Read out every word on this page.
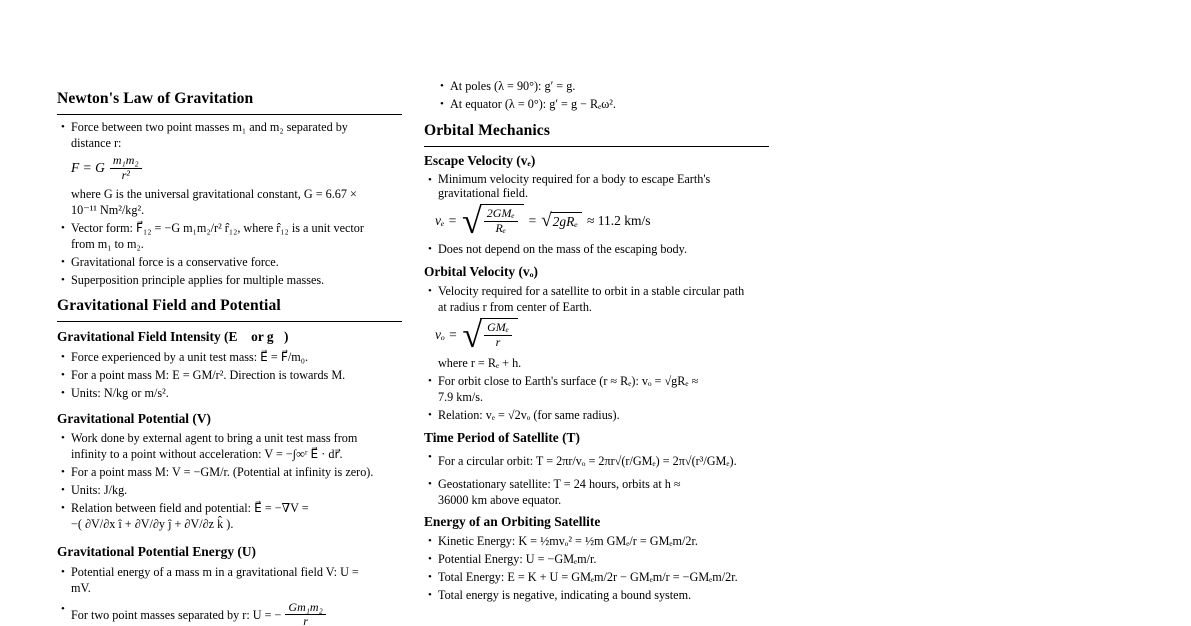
Newton's Law of Gravitation
• Force between two point masses m₁ and m₂ separated by
distance r:
F = G $\frac{\text{m₁m₂}}{\text{r²}}$
where G is the universal gravitational constant, G = 6.67 ×
10⁻¹¹ Nm²/kg².
• Vector form: F⃗₁₂ = −G m₁m₂/r² r̂₁₂, where r̂₁₂ is a unit vector
from m₁ to m₂.
• Gravitational force is a conservative force.
• Superposition principle applies for multiple masses.
Gravitational Field and Potential
Gravitational Field Intensity (E⃗ or g⃗)
• Force experienced by a unit test mass: E⃗ = F⃗/m₀.
• For a point mass M: E = GM/r². Direction is towards M.
• Units: N/kg or m/s².
Gravitational Potential (V)
• Work done by external agent to bring a unit test mass from
infinity to a point without acceleration: V = −∫∞ʳ E⃗ · dr⃗.
• For a point mass M: V = −GM/r. (Potential at infinity is zero).
• Units: J/kg.
• Relation between field and potential: E⃗ = −∇V =
−( ∂V/∂x î + ∂V/∂y ĵ + ∂V/∂z k̂ ).
Gravitational Potential Energy (U)
• Potential energy of a mass m in a gravitational field V: U =
mV.
• For two point masses separated by r: U = − $\frac{\text{Gm₁m₂}}{r}$
• At poles (λ = 90°): g′ = g.
• At equator (λ = 0°): g′ = g − Rₑω².
Orbital Mechanics
Escape Velocity (vₑ)
• Minimum velocity required for a body to escape Earth's
gravitational field.
vₑ = √ $\frac{\text{2GMₑ}}{\text{Rₑ}}$ = √ 2gRₑ ≈ 11.2 km/s
• Does not depend on the mass of the escaping body.
Orbital Velocity (vₒ)
• Velocity required for a satellite to orbit in a stable circular path
at radius r from center of Earth.
vₒ = √ $\frac{\text{GMₑ}}{r}$
where r = Rₑ + h.
• For orbit close to Earth's surface (r ≈ Rₑ): vₒ = √gRₑ ≈
7.9 km/s.
• Relation: vₑ = √2vₒ (for same radius).
Time Period of Satellite (T)
• For a circular orbit: T = 2πr/vₒ = 2πr√(r/GMₑ) = 2π√(r³/GMₑ).
• Geostationary satellite: T = 24 hours, orbits at h ≈
36000 km above equator.
Energy of an Orbiting Satellite
• Kinetic Energy: K = ½mvₒ² = ½m GMₑ/r = GMₑm/2r.
• Potential Energy: U = −GMₑm/r.
• Total Energy: E = K + U = GMₑm/2r − GMₑm/r = −GMₑm/2r.
• Total energy is negative, indicating a bound system.
